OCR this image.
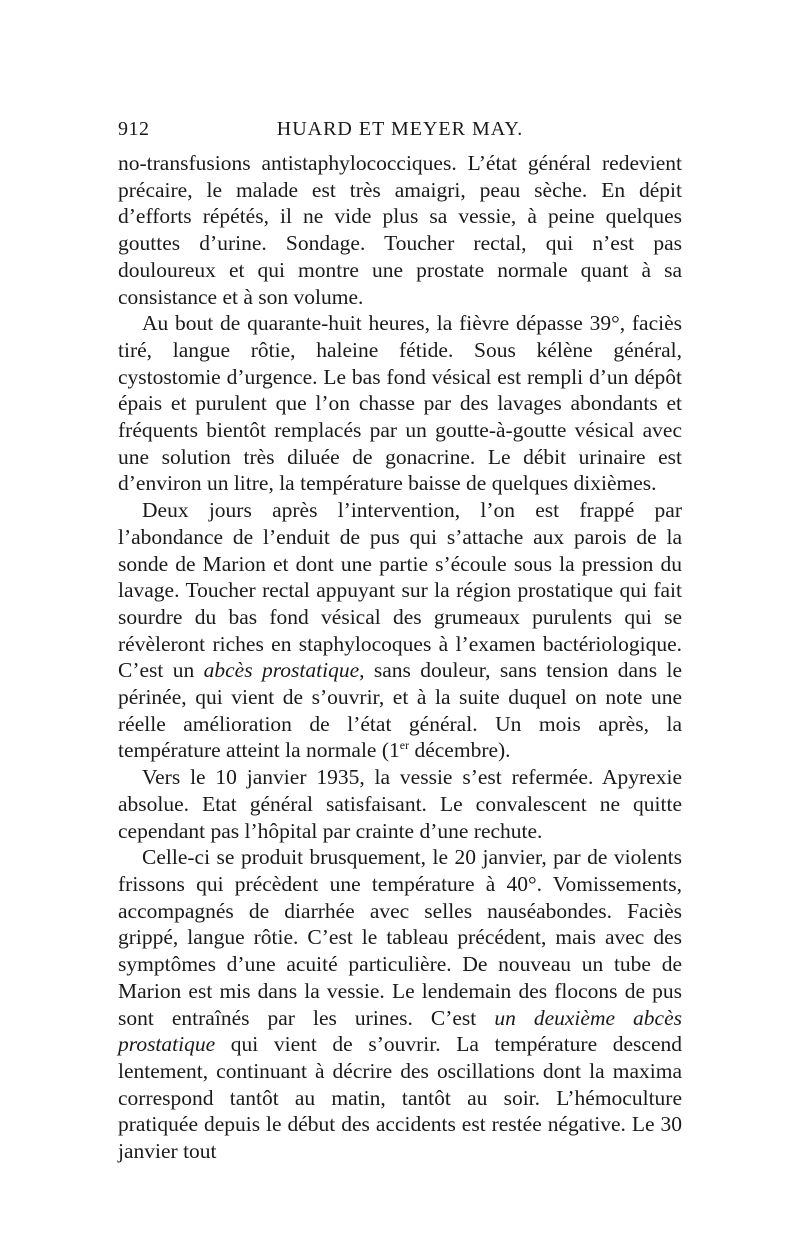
912	HUARD ET MEYER MAY.

no-transfusions antistaphylococciques. L’état général redevient précaire, le malade est très amaigri, peau sèche. En dépit d’efforts répétés, il ne vide plus sa vessie, à peine quelques gouttes d’urine. Sondage. Toucher rectal, qui n’est pas douloureux et qui montre une prostate normale quant à sa consistance et à son volume.

Au bout de quarante-huit heures, la fièvre dépasse 39°, faciès tiré, langue rôtie, haleine fétide. Sous kélène général, cystostomie d’urgence. Le bas fond vésical est rempli d’un dépôt épais et purulent que l’on chasse par des lavages abondants et fréquents bientôt remplacés par un goutte-à-goutte vésical avec une solution très diluée de gonacrine. Le débit urinaire est d’environ un litre, la température baisse de quelques dixièmes.

Deux jours après l’intervention, l’on est frappé par l’abondance de l’enduit de pus qui s’attache aux parois de la sonde de Marion et dont une partie s’écoule sous la pression du lavage. Toucher rectal appuyant sur la région prostatique qui fait sourdre du bas fond vésical des grumeaux purulents qui se révèleront riches en staphylocoques à l’examen bactériologique. C’est un abcès prostatique, sans douleur, sans tension dans le périnée, qui vient de s’ouvrir, et à la suite duquel on note une réelle amélioration de l’état général. Un mois après, la température atteint la normale (1er décembre).

Vers le 10 janvier 1935, la vessie s’est refermée. Apyrexie absolue. Etat général satisfaisant. Le convalescent ne quitte cependant pas l’hôpital par crainte d’une rechute.

Celle-ci se produit brusquement, le 20 janvier, par de violents frissons qui précèdent une température à 40°. Vomissements, accompagnés de diarrhée avec selles nauséabondes. Faciès grippé, langue rôtie. C’est le tableau précédent, mais avec des symptômes d’une acuité particulière. De nouveau un tube de Marion est mis dans la vessie. Le lendemain des flocons de pus sont entraînés par les urines. C’est un deuxième abcès prostatique qui vient de s’ouvrir. La température descend lentement, continuant à décrire des oscillations dont la maxima correspond tantôt au matin, tantôt au soir. L’hémoculture pratiquée depuis le début des accidents est restée négative. Le 30 janvier tout
